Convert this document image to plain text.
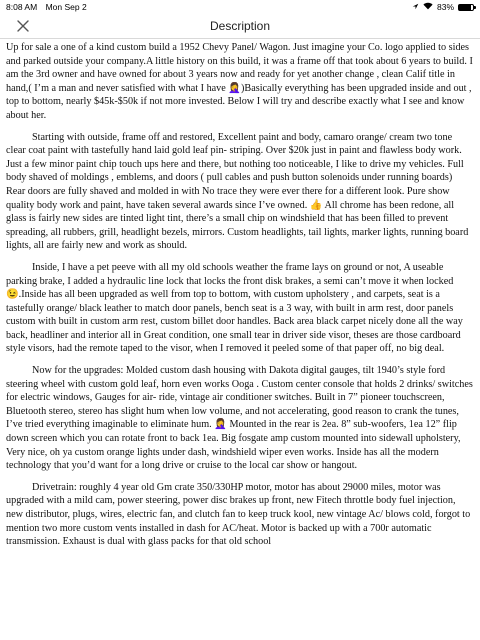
8:08 AM Mon Sep 2	83%
Description

Up for sale a one of a kind custom build a 1952 Chevy Panel/ Wagon. Just imagine your Co. logo applied to sides and parked outside your company.A little history on this build, it was a frame off that took about 6 years to build. I am the 3rd owner and have owned for about 3 years now and ready for yet another change , clean Calif title in hand,( I’m a man and never satisfied with what I have 🤦‍♀️)Basically everything has been upgraded inside and out , top to bottom, nearly $45k-$50k if not more invested. Below I will try and describe exactly what I see and know about her.

Starting with outside, frame off and restored, Excellent paint and body, camaro orange/ cream two tone clear coat paint with tastefully hand laid gold leaf pin- striping. Over $20k just in paint and flawless body work. Just a few minor paint chip touch ups here and there, but nothing too noticeable, I like to drive my vehicles. Full body shaved of moldings , emblems, and doors ( pull cables and push button solenoids under running boards) Rear doors are fully shaved and molded in with No trace they were ever there for a different look. Pure show quality body work and paint, have taken several awards since I’ve owned. 👍 All chrome has been redone, all glass is fairly new sides are tinted light tint, there’s a small chip on windshield that has been filled to prevent spreading, all rubbers, grill, headlight bezels, mirrors. Custom headlights, tail lights, marker lights, running board lights, all are fairly new and work as should.

Inside, I have a pet peeve with all my old schools weather the frame lays on ground or not, A useable parking brake, I added a hydraulic line lock that locks the front disk brakes, a semi can’t move it when locked 😉.Inside has all been upgraded as well from top to bottom, with custom upholstery , and carpets, seat is a tastefully orange/ black leather to match door panels, bench seat is a 3 way, with built in arm rest, door panels custom with built in custom arm rest, custom billet door handles. Back area black carpet nicely done all the way back, headliner and interior all in Great condition, one small tear in driver side visor, theses are those cardboard style visors, had the remote taped to the visor, when I removed it peeled some of that paper off, no big deal.

Now for the upgrades: Molded custom dash housing with Dakota digital gauges, tilt 1940’s style ford steering wheel with custom gold leaf, horn even works Ooga . Custom center console that holds 2 drinks/ switches for electric windows, Gauges for air- ride, vintage air conditioner switches. Built in 7” pioneer touchscreen, Bluetooth stereo, stereo has slight hum when low volume, and not accelerating, good reason to crank the tunes, I’ve tried everything imaginable to eliminate hum. 🤦‍♀️ Mounted in the rear is 2ea. 8” sub-woofers, 1ea 12” flip down screen which you can rotate front to back 1ea. Big fosgate amp custom mounted into sidewall upholstery, Very nice, oh ya custom orange lights under dash, windshield wiper even works. Inside has all the modern technology that you’d want for a long drive or cruise to the local car show or hangout.

Drivetrain: roughly 4 year old Gm crate 350/330HP motor, motor has about 29000 miles, motor was upgraded with a mild cam, power steering, power disc brakes up front, new Fitech throttle body fuel injection, new distributor, plugs, wires, electric fan, and clutch fan to keep truck kool, new vintage Ac/ blows cold, forgot to mention two more custom vents installed in dash for AC/heat. Motor is backed up with a 700r automatic transmission. Exhaust is dual with glass packs for that old school
